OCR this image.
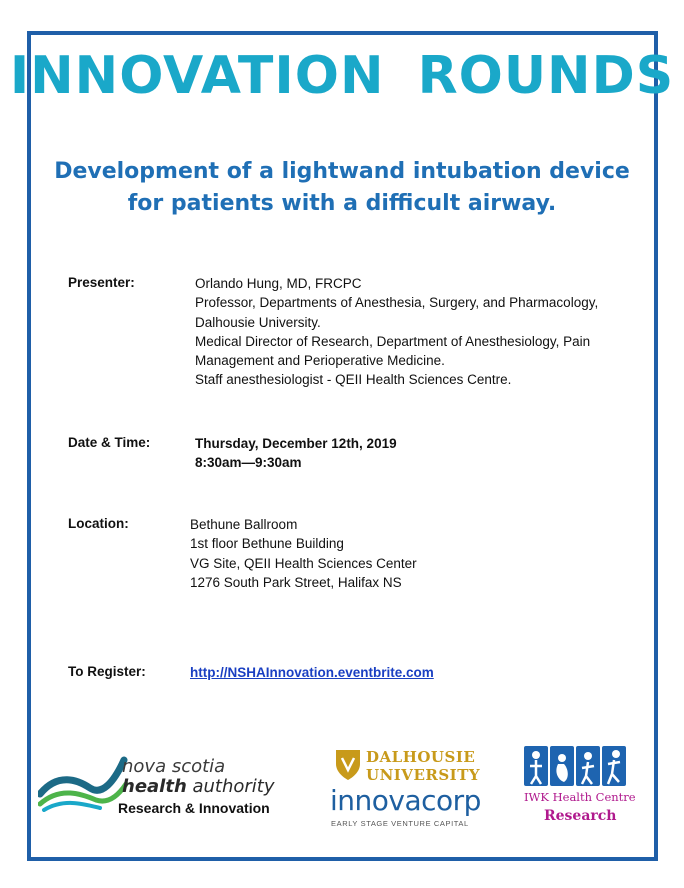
INNOVATION ROUNDS
Development of a lightwand intubation device
for patients with a difficult airway.
Presenter:	Orlando Hung, MD, FRCPC
Professor, Departments of Anesthesia, Surgery, and Pharmacology,
Dalhousie University.
Medical Director of Research, Department of Anesthesiology, Pain
Management and Perioperative Medicine.
Staff anesthesiologist - QEII Health Sciences Centre.
Date & Time:	Thursday, December 12th, 2019
8:30am—9:30am
Location:	Bethune Ballroom
1st floor Bethune Building
VG Site, QEII Health Sciences Center
1276 South Park Street, Halifax NS
To Register:	http://NSHAInnovation.eventbrite.com
nova scotia
health authority
Research & Innovation
DALHOUSIE
UNIVERSITY
innovacorp
EARLY STAGE VENTURE CAPITAL
IWK Health Centre
Research
